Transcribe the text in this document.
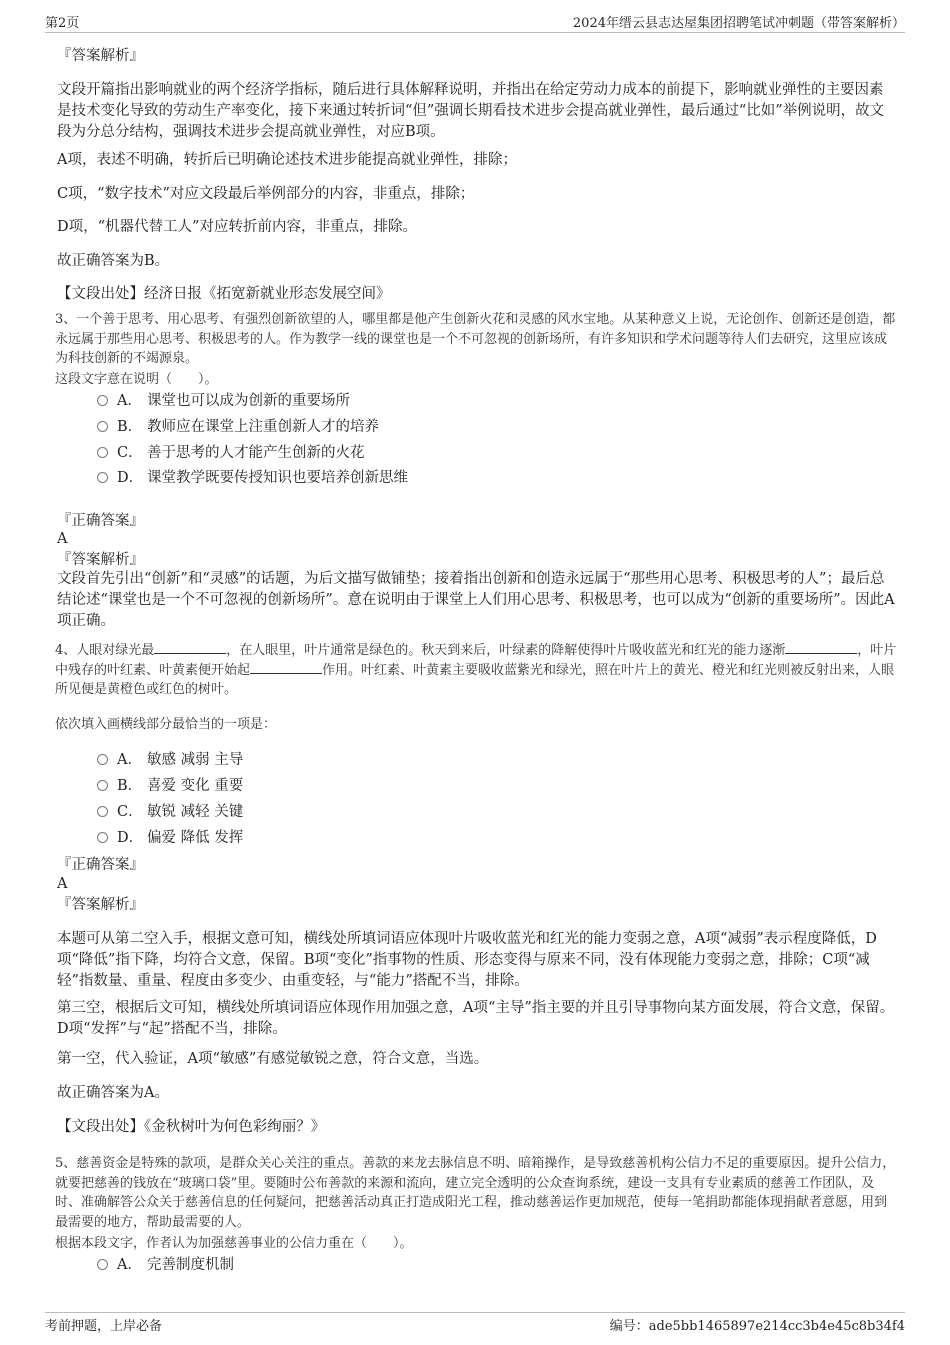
第2页	2024年缙云县志达屋集团招聘笔试冲刺题（带答案解析）

『答案解析』

文段开篇指出影响就业的两个经济学指标，随后进行具体解释说明，并指出在给定劳动力成本的前提下，影响就业弹性的主要因素是技术变化导致的劳动生产率变化，接下来通过转折词“但”强调长期看技术进步会提高就业弹性，最后通过“比如”举例说明，故文段为分总分结构，强调技术进步会提高就业弹性，对应B项。

A项，表述不明确，转折后已明确论述技术进步能提高就业弹性，排除；

C项，“数字技术”对应文段最后举例部分的内容，非重点，排除；

D项，“机器代替工人”对应转折前内容，非重点，排除。

故正确答案为B。

【文段出处】经济日报《拓宽新就业形态发展空间》

3、一个善于思考、用心思考、有强烈创新欲望的人，哪里都是他产生创新火花和灵感的风水宝地。从某种意义上说，无论创作、创新还是创造，都永远属于那些用心思考、积极思考的人。作为教学一线的课堂也是一个不可忽视的创新场所，有许多知识和学术问题等待人们去研究，这里应该成为科技创新的不竭源泉。

这段文字意在说明（　　）。

A． 课堂也可以成为创新的重要场所
B． 教师应在课堂上注重创新人才的培养
C． 善于思考的人才能产生创新的火花
D． 课堂教学既要传授知识也要培养创新思维

『正确答案』

A

『答案解析』

文段首先引出“创新”和“灵感”的话题，为后文描写做铺垫；接着指出创新和创造永远属于“那些用心思考、积极思考的人”；最后总结论述“课堂也是一个不可忽视的创新场所”。意在说明由于课堂上人们用心思考、积极思考，也可以成为“创新的重要场所”。因此A项正确。

4、人眼对绿光最	，在人眼里，叶片通常是绿色的。秋天到来后，叶绿素的降解使得叶片吸收蓝光和红光的能力逐渐	，叶片中残存的叶红素、叶黄素便开始起	作用。叶红素、叶黄素主要吸收蓝紫光和绿光，照在叶片上的黄光、橙光和红光则被反射出来，人眼所见便是黄橙色或红色的树叶。

依次填入画横线部分最恰当的一项是：

A． 敏感 减弱 主导
B． 喜爱 变化 重要
C． 敏锐 减轻 关键
D． 偏爱 降低 发挥

『正确答案』

A

『答案解析』

本题可从第二空入手，根据文意可知，横线处所填词语应体现叶片吸收蓝光和红光的能力变弱之意，A项“减弱”表示程度降低，D项“降低”指下降，均符合文意，保留。B项“变化”指事物的性质、形态变得与原来不同，没有体现能力变弱之意，排除；C项“减轻”指数量、重量、程度由多变少、由重变轻，与“能力”搭配不当，排除。

第三空，根据后文可知，横线处所填词语应体现作用加强之意，A项“主导”指主要的并且引导事物向某方面发展，符合文意，保留。D项“发挥”与“起”搭配不当，排除。

第一空，代入验证，A项“敏感”有感觉敏锐之意，符合文意，当选。

故正确答案为A。

【文段出处】《金秋树叶为何色彩绚丽？》

5、慈善资金是特殊的款项，是群众关心关注的重点。善款的来龙去脉信息不明、暗箱操作，是导致慈善机构公信力不足的重要原因。提升公信力，就要把慈善的钱放在“玻璃口袋”里。要随时公布善款的来源和流向，建立完全透明的公众查询系统，建设一支具有专业素质的慈善工作团队，及时、准确解答公众关于慈善信息的任何疑问，把慈善活动真正打造成阳光工程，推动慈善运作更加规范，使每一笔捐助都能体现捐献者意愿，用到最需要的地方，帮助最需要的人。

根据本段文字，作者认为加强慈善事业的公信力重在（　　）。

A． 完善制度机制
考前押题，上岸必备	编号：ade5bb1465897e214cc3b4e45c8b34f4
